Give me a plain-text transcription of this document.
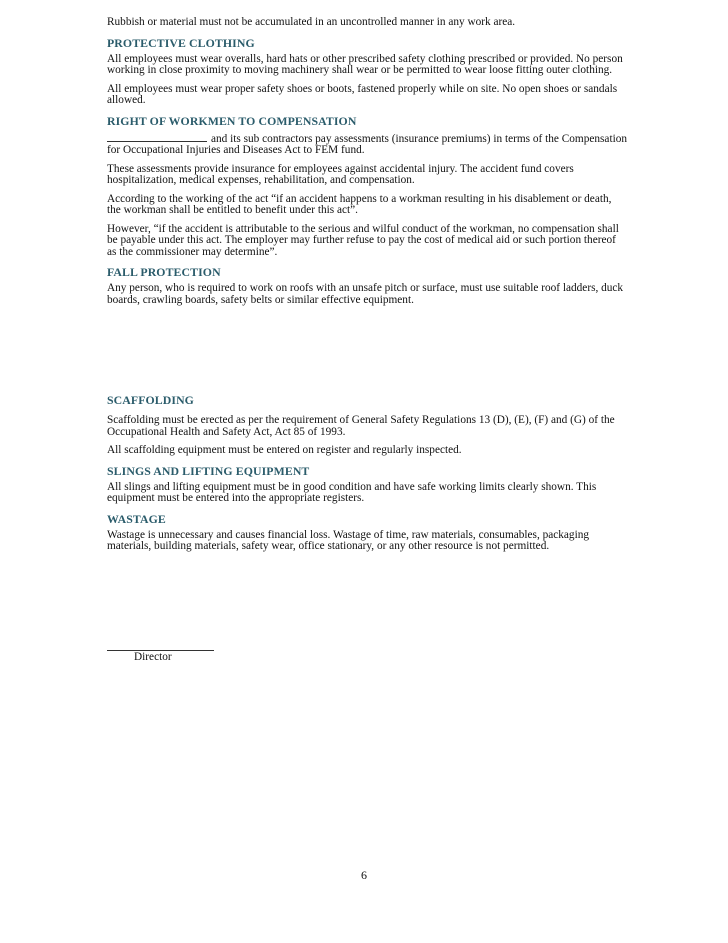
Rubbish or material must not be accumulated in an uncontrolled manner in any work area.

PROTECTIVE CLOTHING

All employees must wear overalls, hard hats or other prescribed safety clothing prescribed or provided. No person working in close proximity to moving machinery shall wear or be permitted to wear loose fitting outer clothing.

All employees must wear proper safety shoes or boots, fastened properly while on site. No open shoes or sandals allowed.

RIGHT OF WORKMEN TO COMPENSATION

and its sub contractors pay assessments (insurance premiums) in terms of the Compensation for Occupational Injuries and Diseases Act to FEM fund.

These assessments provide insurance for employees against accidental injury. The accident fund covers hospitalization, medical expenses, rehabilitation, and compensation.

According to the working of the act “if an accident happens to a workman resulting in his disablement or death, the workman shall be entitled to benefit under this act”.

However, “if the accident is attributable to the serious and wilful conduct of the workman, no compensation shall be payable under this act. The employer may further refuse to pay the cost of medical aid or such portion thereof as the commissioner may determine”.

FALL PROTECTION

Any person, who is required to work on roofs with an unsafe pitch or surface, must use suitable roof ladders, duck boards, crawling boards, safety belts or similar effective equipment.

SCAFFOLDING

Scaffolding must be erected as per the requirement of General Safety Regulations 13 (D), (E), (F) and (G) of the Occupational Health and Safety Act, Act 85 of 1993.

All scaffolding equipment must be entered on register and regularly inspected.

SLINGS AND LIFTING EQUIPMENT

All slings and lifting equipment must be in good condition and have safe working limits clearly shown. This equipment must be entered into the appropriate registers.

WASTAGE

Wastage is unnecessary and causes financial loss. Wastage of time, raw materials, consumables, packaging materials, building materials, safety wear, office stationary, or any other resource is not permitted.

Director

6
